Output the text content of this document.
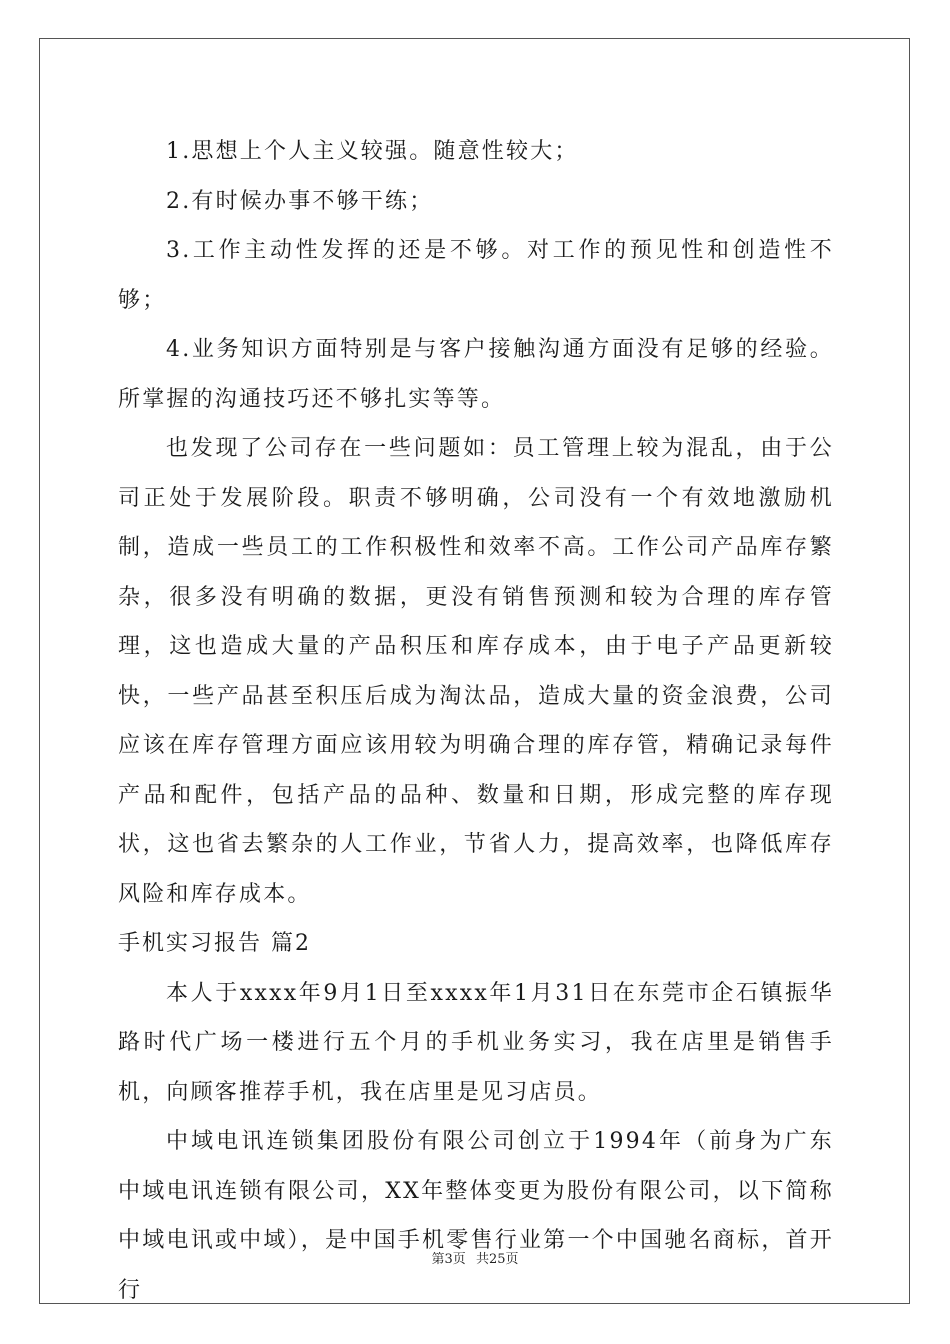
1.思想上个人主义较强。随意性较大；

2.有时候办事不够干练；

3.工作主动性发挥的还是不够。对工作的预见性和创造性不够；

4.业务知识方面特别是与客户接触沟通方面没有足够的经验。所掌握的沟通技巧还不够扎实等等。

也发现了公司存在一些问题如：员工管理上较为混乱，由于公司正处于发展阶段。职责不够明确，公司没有一个有效地激励机制，造成一些员工的工作积极性和效率不高。工作公司产品库存繁杂，很多没有明确的数据，更没有销售预测和较为合理的库存管理，这也造成大量的产品积压和库存成本，由于电子产品更新较快，一些产品甚至积压后成为淘汰品，造成大量的资金浪费，公司应该在库存管理方面应该用较为明确合理的库存管，精确记录每件产品和配件，包括产品的品种、数量和日期，形成完整的库存现状，这也省去繁杂的人工作业，节省人力，提高效率，也降低库存风险和库存成本。

手机实习报告 篇2

本人于xxxx年9月1日至xxxx年1月31日在东莞市企石镇振华路时代广场一楼进行五个月的手机业务实习，我在店里是销售手机，向顾客推荐手机，我在店里是见习店员。

中域电讯连锁集团股份有限公司创立于1994年（前身为广东中域电讯连锁有限公司，XX年整体变更为股份有限公司，以下简称中域电讯或中域），是中国手机零售行业第一个中国驰名商标，首开行

第3页 共25页
